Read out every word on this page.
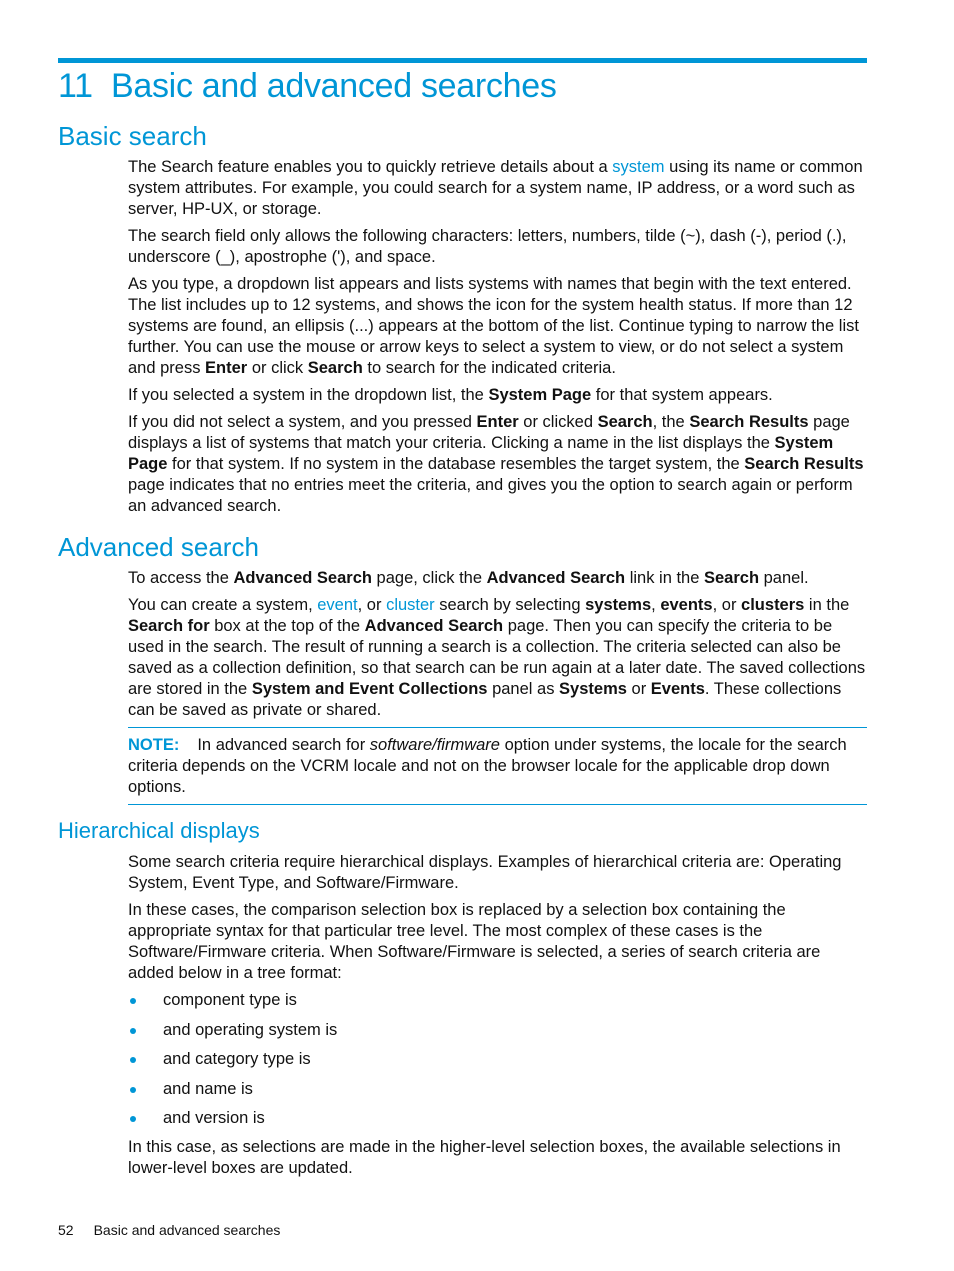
11 Basic and advanced searches
Basic search

The Search feature enables you to quickly retrieve details about a system using its name or common system attributes. For example, you could search for a system name, IP address, or a word such as server, HP-UX, or storage.

The search field only allows the following characters: letters, numbers, tilde (~), dash (-), period (.), underscore (_), apostrophe ('), and space.

As you type, a dropdown list appears and lists systems with names that begin with the text entered. The list includes up to 12 systems, and shows the icon for the system health status. If more than 12 systems are found, an ellipsis (...) appears at the bottom of the list. Continue typing to narrow the list further. You can use the mouse or arrow keys to select a system to view, or do not select a system and press Enter or click Search to search for the indicated criteria.

If you selected a system in the dropdown list, the System Page for that system appears.

If you did not select a system, and you pressed Enter or clicked Search, the Search Results page displays a list of systems that match your criteria. Clicking a name in the list displays the System Page for that system. If no system in the database resembles the target system, the Search Results page indicates that no entries meet the criteria, and gives you the option to search again or perform an advanced search.

Advanced search

To access the Advanced Search page, click the Advanced Search link in the Search panel.

You can create a system, event, or cluster search by selecting systems, events, or clusters in the Search for box at the top of the Advanced Search page. Then you can specify the criteria to be used in the search. The result of running a search is a collection. The criteria selected can also be saved as a collection definition, so that search can be run again at a later date. The saved collections are stored in the System and Event Collections panel as Systems or Events. These collections can be saved as private or shared.

NOTE: In advanced search for software/firmware option under systems, the locale for the search criteria depends on the VCRM locale and not on the browser locale for the applicable drop down options.

Hierarchical displays

Some search criteria require hierarchical displays. Examples of hierarchical criteria are: Operating System, Event Type, and Software/Firmware.

In these cases, the comparison selection box is replaced by a selection box containing the appropriate syntax for that particular tree level. The most complex of these cases is the Software/Firmware criteria. When Software/Firmware is selected, a series of search criteria are added below in a tree format:

component type is
and operating system is
and category type is
and name is
and version is

In this case, as selections are made in the higher-level selection boxes, the available selections in lower-level boxes are updated.

52 Basic and advanced searches
